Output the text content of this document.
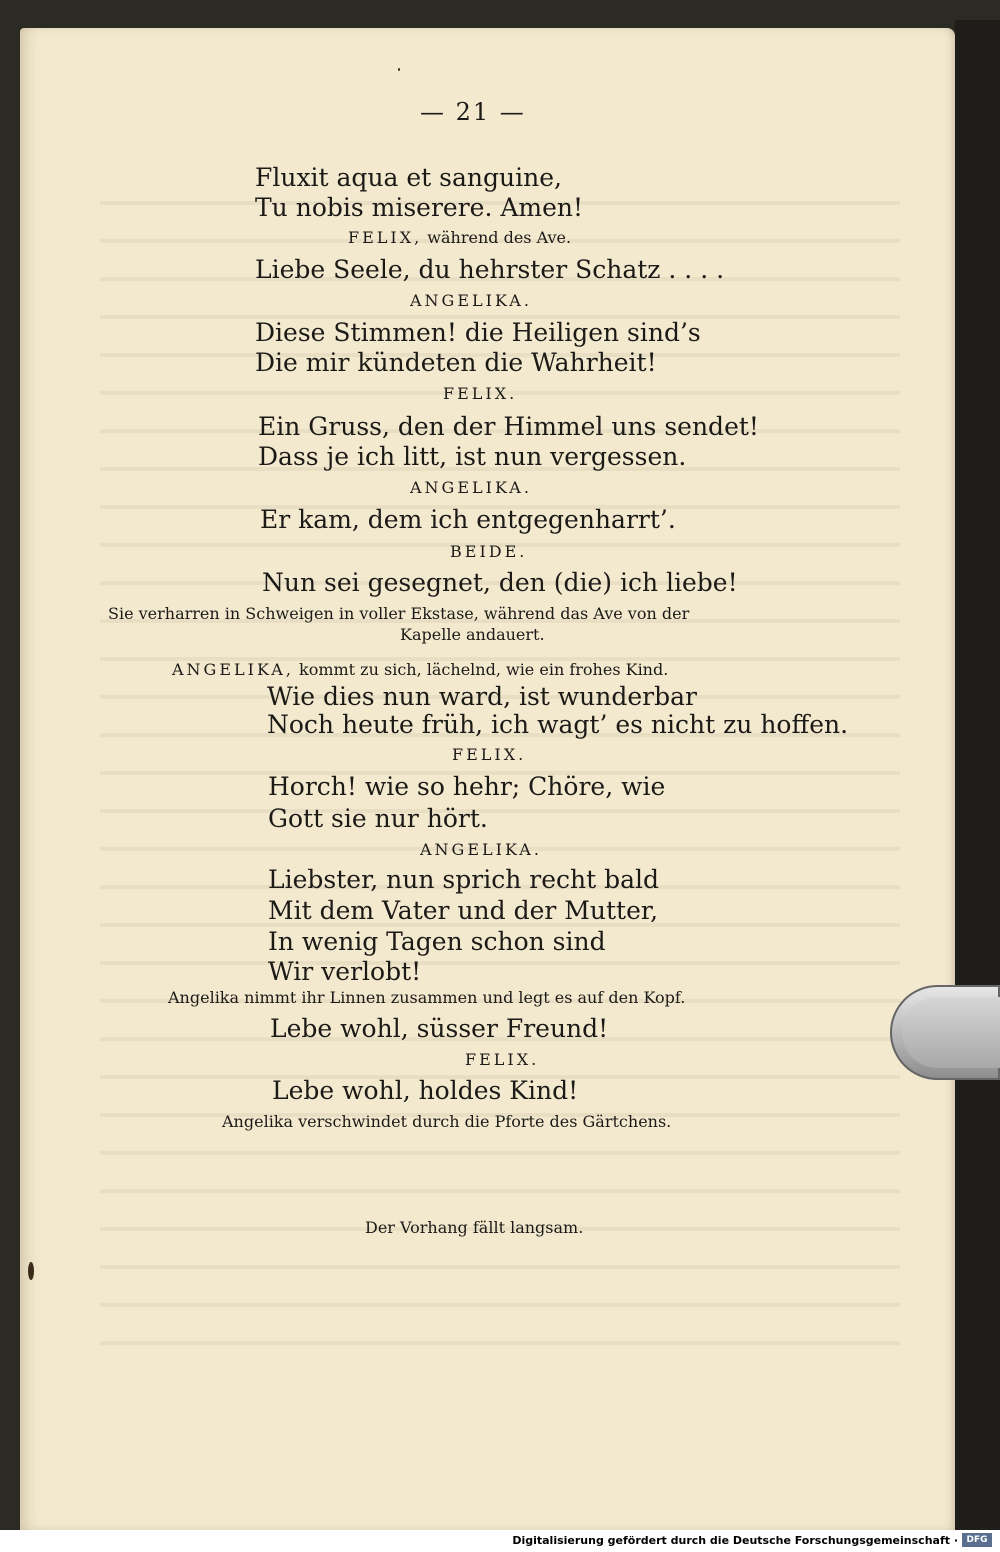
— 21 —
Fluxit aqua et sanguine,
Tu nobis miserere. Amen!
FELIX, während des Ave.
Liebe Seele, du hehrster Schatz . . . .
ANGELIKA.
Diese Stimmen! die Heiligen sind’s
Die mir kündeten die Wahrheit!
FELIX.
Ein Gruss, den der Himmel uns sendet!
Dass je ich litt, ist nun vergessen.
ANGELIKA.
Er kam, dem ich entgegenharrt’.
BEIDE.
Nun sei gesegnet, den (die) ich liebe!
Sie verharren in Schweigen in voller Ekstase, während das Ave von der
Kapelle andauert.
ANGELIKA, kommt zu sich, lächelnd, wie ein frohes Kind.
Wie dies nun ward, ist wunderbar
Noch heute früh, ich wagt’ es nicht zu hoffen.
FELIX.
Horch! wie so hehr; Chöre, wie
Gott sie nur hört.
ANGELIKA.
Liebster, nun sprich recht bald
Mit dem Vater und der Mutter,
In wenig Tagen schon sind
Wir verlobt!
Angelika nimmt ihr Linnen zusammen und legt es auf den Kopf.
Lebe wohl, süsser Freund!
FELIX.
Lebe wohl, holdes Kind!
Angelika verschwindet durch die Pforte des Gärtchens.
Der Vorhang fällt langsam.
Digitalisierung gefördert durch die Deutsche Forschungsgemeinschaft · DFG
